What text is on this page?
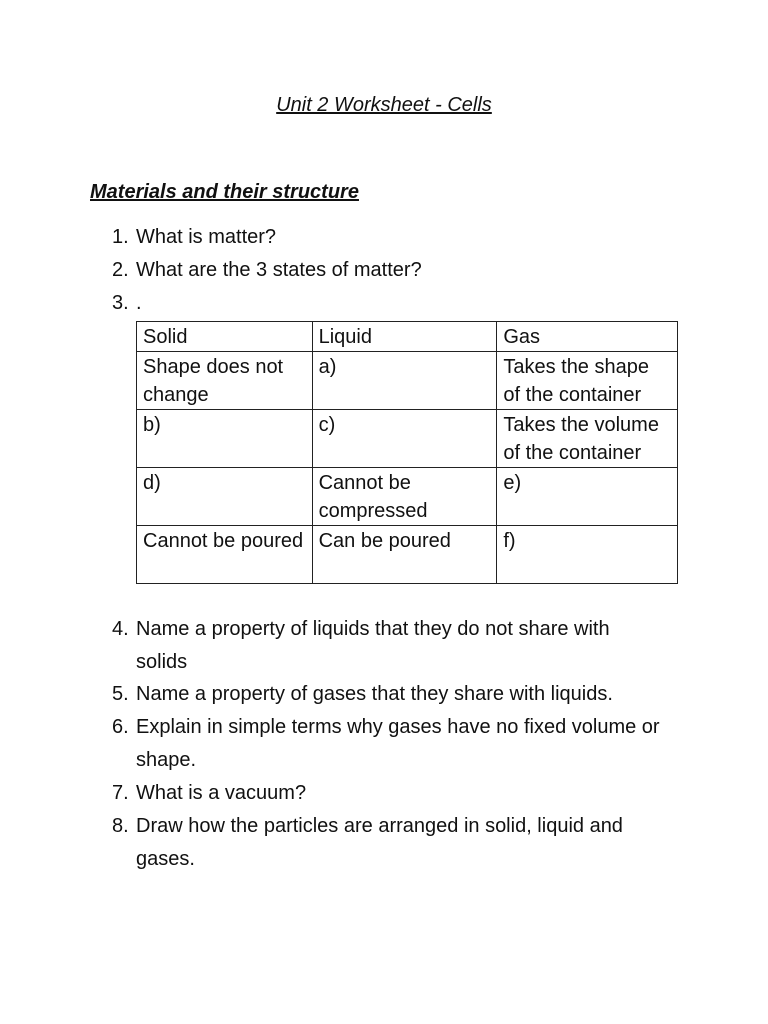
Unit 2 Worksheet - Cells
Materials and their structure
1. What is matter?
2. What are the 3 states of matter?
3. .
Solid	Liquid	Gas
Shape does not change	a)	Takes the shape of the container
b)	c)	Takes the volume of the container
d)	Cannot be compressed	e)
Cannot be poured	Can be poured	f)
4. Name a property of liquids that they do not share with
solids
5. Name a property of gases that they share with liquids.
6. Explain in simple terms why gases have no fixed volume or
shape.
7. What is a vacuum?
8. Draw how the particles are arranged in solid, liquid and
gases.
